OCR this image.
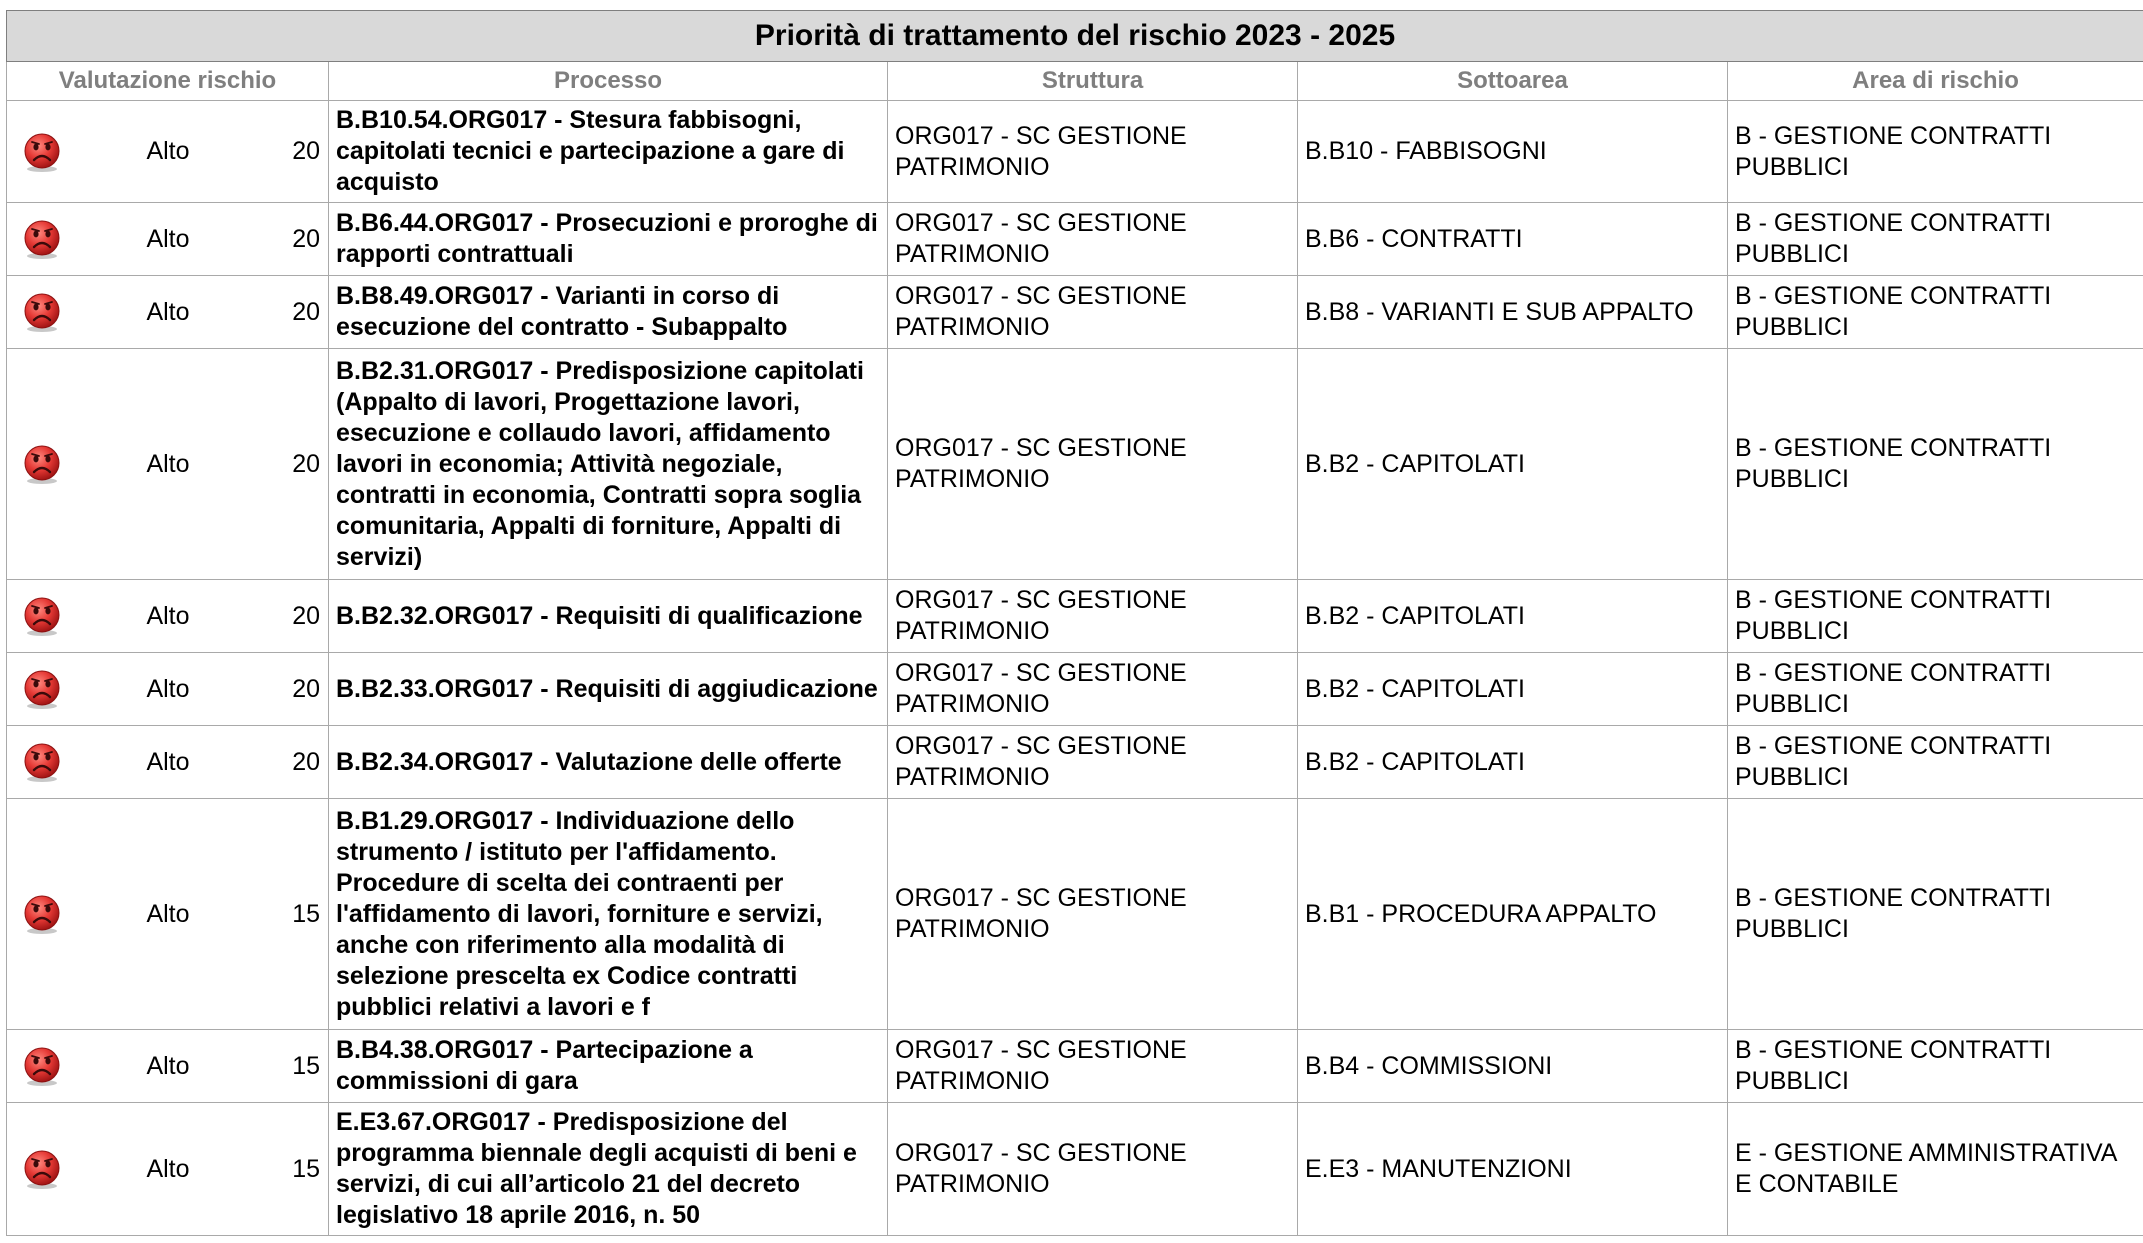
Priorità di trattamento del rischio 2023 - 2025				
Valutazione rischio	Processo	Struttura	Sottoarea	Area di rischio

Alto 20	B.B10.54.ORG017 - Stesura fabbisogni, capitolati tecnici e partecipazione a gare di acquisto	ORG017 - SC GESTIONE PATRIMONIO	B.B10 - FABBISOGNI	B - GESTIONE CONTRATTI PUBBLICI

Alto 20	B.B6.44.ORG017 - Prosecuzioni e proroghe di rapporti contrattuali	ORG017 - SC GESTIONE PATRIMONIO	B.B6 - CONTRATTI	B - GESTIONE CONTRATTI PUBBLICI

Alto 20	B.B8.49.ORG017 - Varianti in corso di esecuzione del contratto - Subappalto	ORG017 - SC GESTIONE PATRIMONIO	B.B8 - VARIANTI E SUB APPALTO	B - GESTIONE CONTRATTI PUBBLICI

Alto 20	B.B2.31.ORG017 - Predisposizione capitolati (Appalto di lavori, Progettazione lavori, esecuzione e collaudo lavori, affidamento lavori in economia; Attività negoziale, contratti in economia, Contratti sopra soglia comunitaria, Appalti di forniture, Appalti di servizi)	ORG017 - SC GESTIONE PATRIMONIO	B.B2 - CAPITOLATI	B - GESTIONE CONTRATTI PUBBLICI

Alto 20	B.B2.32.ORG017 - Requisiti di qualificazione	ORG017 - SC GESTIONE PATRIMONIO	B.B2 - CAPITOLATI	B - GESTIONE CONTRATTI PUBBLICI

Alto 20	B.B2.33.ORG017 - Requisiti di aggiudicazione	ORG017 - SC GESTIONE PATRIMONIO	B.B2 - CAPITOLATI	B - GESTIONE CONTRATTI PUBBLICI

Alto 20	B.B2.34.ORG017 - Valutazione delle offerte	ORG017 - SC GESTIONE PATRIMONIO	B.B2 - CAPITOLATI	B - GESTIONE CONTRATTI PUBBLICI

Alto 15	B.B1.29.ORG017 - Individuazione dello strumento / istituto per l'affidamento. Procedure di scelta dei contraenti per l'affidamento di lavori, forniture e servizi, anche con riferimento alla modalità di selezione prescelta ex Codice contratti pubblici relativi a lavori e f	ORG017 - SC GESTIONE PATRIMONIO	B.B1 - PROCEDURA APPALTO	B - GESTIONE CONTRATTI PUBBLICI

Alto 15	B.B4.38.ORG017 - Partecipazione a commissioni di gara	ORG017 - SC GESTIONE PATRIMONIO	B.B4 - COMMISSIONI	B - GESTIONE CONTRATTI PUBBLICI

Alto 15	E.E3.67.ORG017 - Predisposizione del programma biennale degli acquisti di beni e servizi, di cui all’articolo 21 del decreto legislativo 18 aprile 2016, n. 50	ORG017 - SC GESTIONE PATRIMONIO	E.E3 - MANUTENZIONI	E - GESTIONE AMMINISTRATIVA E CONTABILE
